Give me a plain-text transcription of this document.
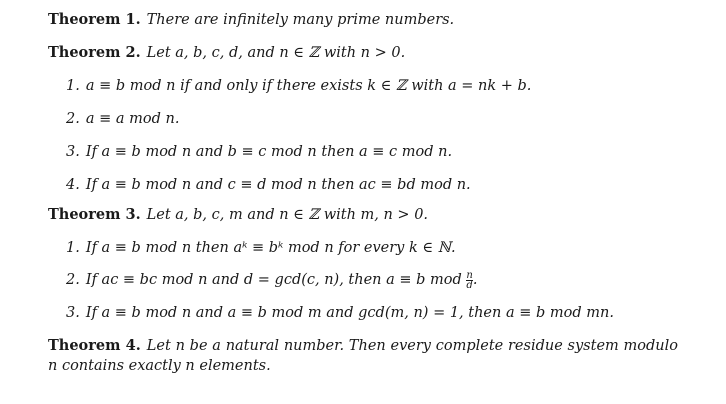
Theorem 1. There are infinitely many prime numbers.
Theorem 2. Let a, b, c, d, and n ∈ ℤ with n > 0.
1. a ≡ b mod n if and only if there exists k ∈ ℤ with a = nk + b.
2. a ≡ a mod n.
3. If a ≡ b mod n and b ≡ c mod n then a ≡ c mod n.
4. If a ≡ b mod n and c ≡ d mod n then ac ≡ bd mod n.
Theorem 3. Let a, b, c, m and n ∈ ℤ with m, n > 0.
1. If a ≡ b mod n then aᵏ ≡ bᵏ mod n for every k ∈ ℕ.
2. If ac ≡ bc mod n and d = gcd(c, n), then a ≡ b mod $\frac{n}{d}$ .
3. If a ≡ b mod n and a ≡ b mod m and gcd(m, n) = 1, then a ≡ b mod mn.
Theorem 4. Let n be a natural number. Then every complete residue system modulo n contains exactly n elements.
